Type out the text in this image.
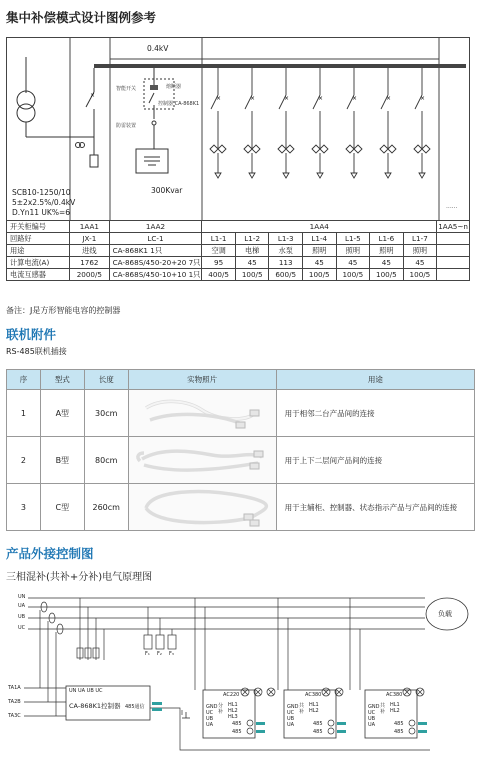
集中补偿模式设计图例参考
×
智能开关
控制器 CA-868K1
防雷装置
熔断器
×	×	×	×	×	×	×
......
0.4kV
SCB10-1250/10
5±2x2.5%/0.4kV
D.Yn11 UK%=6
300Kvar
开关柜编号	1AA1	1AA2	1AA4							1AA5~n
回路好	JX-1	LC-1	L1-1	L1-2	L1-3	L1-4	L1-5	L1-6	L1-7	
用途	进线	CA-868K1 1只	空调	电梯	水泵	照明	照明	照明	照明	
计算电流(A)	1762	CA-868S/450-20+20 7只	95	45	113	45	45	45	45	
电流互感器	2000/5	CA-868S/450-10+10 1只	400/5	100/5	600/5	100/5	100/5	100/5	100/5	
备注：J是方形智能电容的控制器
联机附件
RS-485联机插接
序	型式	长度	实物照片	用途
1	A型	30cm		用于相邻二台产品间的连接
2	B型	80cm		用于上下二层间产品间的连接
3	C型	260cm		用于主辅柜、控制器、状态指示产品与产品间的连接
产品外接控制图
三相混补(共补+分补)电气原理图
UN
UA
UB
UC
负载
F₁ F₂ F₃
TA1A
TA2B
TA3C
UN UA UB UC
CA-868K1控制器 485通信
AC220	AC380	AC380
GND
UC
UB
UA
分补
HL1
HL2
HL3
485
485
GND
UC
UB
UA
共补
HL1
HL2
485
485
GND
UC
UB
UA
共补
HL1
HL2
485
485
